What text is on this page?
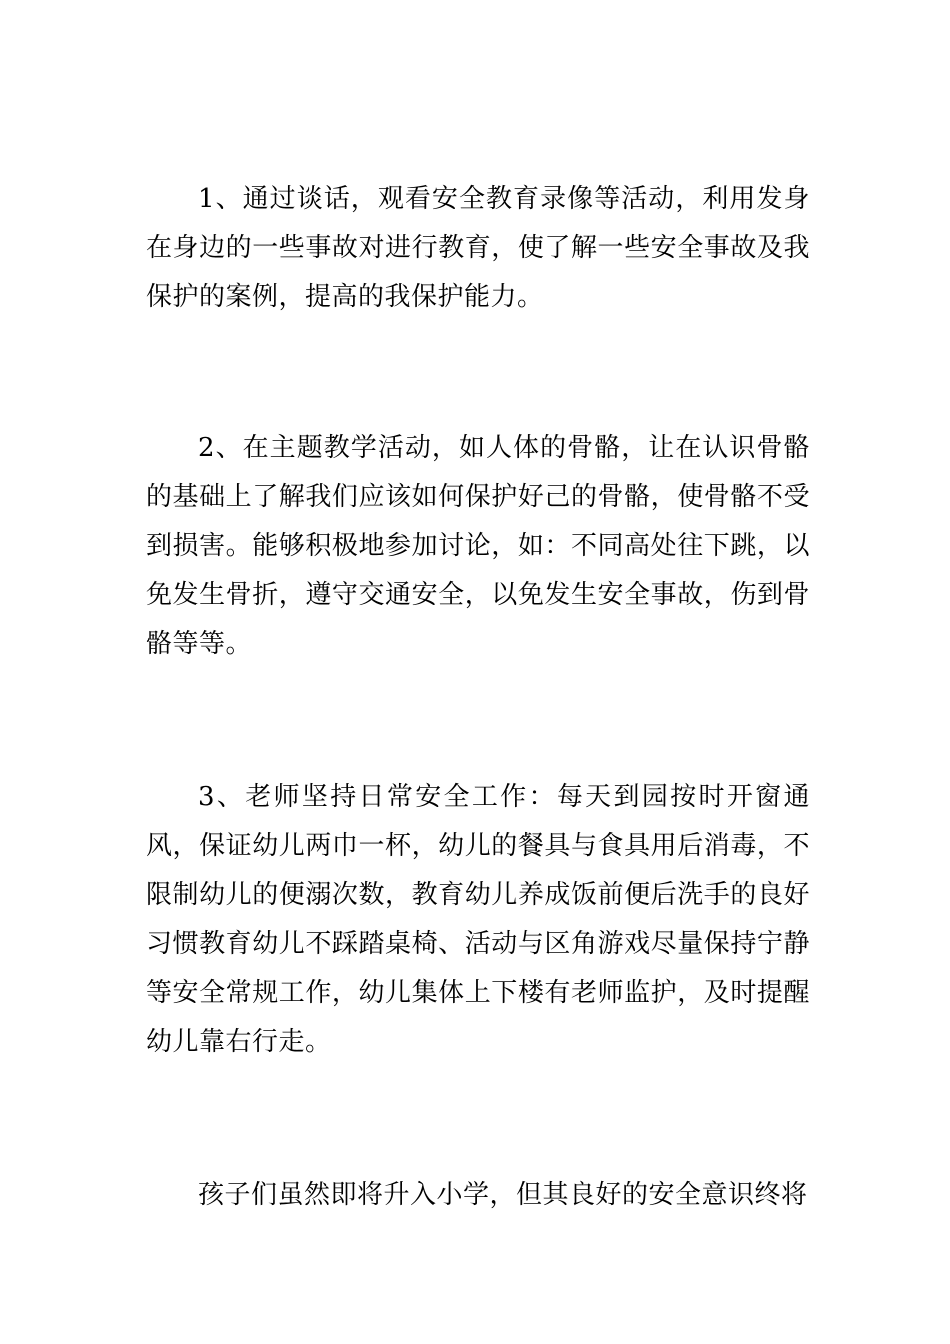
1、通过谈话，观看安全教育录像等活动，利用发身在身边的一些事故对进行教育，使了解一些安全事故及我保护的案例，提高的我保护能力。

2、在主题教学活动，如人体的骨骼，让在认识骨骼的基础上了解我们应该如何保护好己的骨骼，使骨骼不受到损害。能够积极地参加讨论，如：不同高处往下跳，以免发生骨折，遵守交通安全，以免发生安全事故，伤到骨骼等等。

3、老师坚持日常安全工作：每天到园按时开窗通风，保证幼儿两巾一杯，幼儿的餐具与食具用后消毒，不限制幼儿的便溺次数，教育幼儿养成饭前便后洗手的良好习惯教育幼儿不踩踏桌椅、活动与区角游戏尽量保持宁静等安全常规工作，幼儿集体上下楼有老师监护，及时提醒幼儿靠右行走。

孩子们虽然即将升入小学，但其良好的安全意识终将
